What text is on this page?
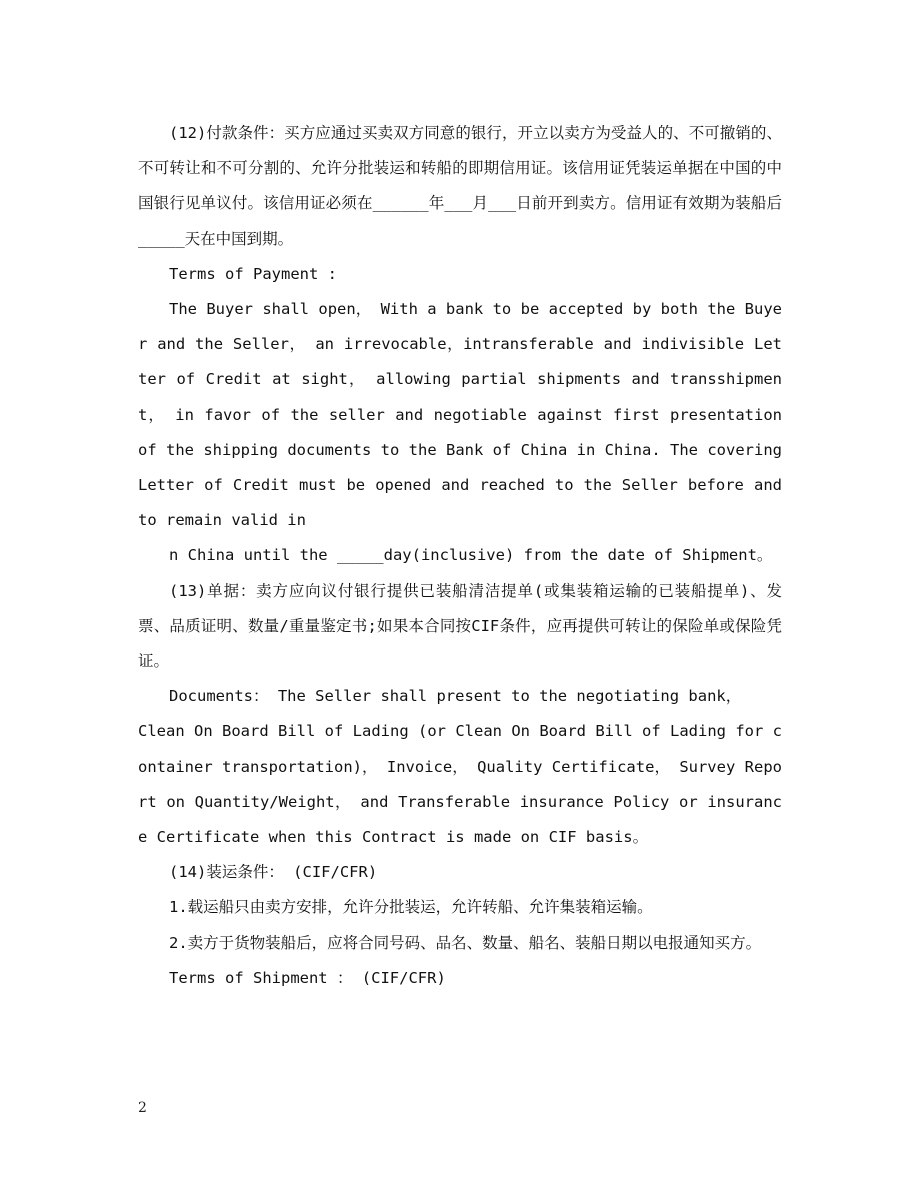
(12)付款条件：买方应通过买卖双方同意的银行，开立以卖方为受益人的、不可撤销的、不可转让和不可分割的、允许分批装运和转船的即期信用证。该信用证凭装运单据在中国的中国银行见单议付。该信用证必须在______年___月___日前开到卖方。信用证有效期为装船后_____天在中国到期。

Terms of Payment :

The Buyer shall open， With a bank to be accepted by both the Buyer and the Seller， an irrevocable，intransferable and indivisible Letter of Credit at sight， allowing partial shipments and transshipment， in favor of the seller and negotiable against first presentation of the shipping documents to the Bank of China in China. The covering Letter of Credit must be opened and reached to the Seller before and to remain valid in

n China until the _____day(inclusive) from the date of Shipment。

(13)单据：卖方应向议付银行提供已装船清洁提单(或集装箱运输的已装船提单)、发票、品质证明、数量/重量鉴定书;如果本合同按CIF条件，应再提供可转让的保险单或保险凭证。

Documents： The Seller shall present to the negotiating bank，

Clean On Board Bill of Lading (or Clean On Board Bill of Lading for container transportation)， Invoice， Quality Certificate， Survey Report on Quantity/Weight， and Transferable insurance Policy or insurance Certificate when this Contract is made on CIF basis。

(14)装运条件： (CIF/CFR)

1.载运船只由卖方安排，允许分批装运，允许转船、允许集装箱运输。

2.卖方于货物装船后，应将合同号码、品名、数量、船名、装船日期以电报通知买方。

Terms of Shipment ： (CIF/CFR)

2
